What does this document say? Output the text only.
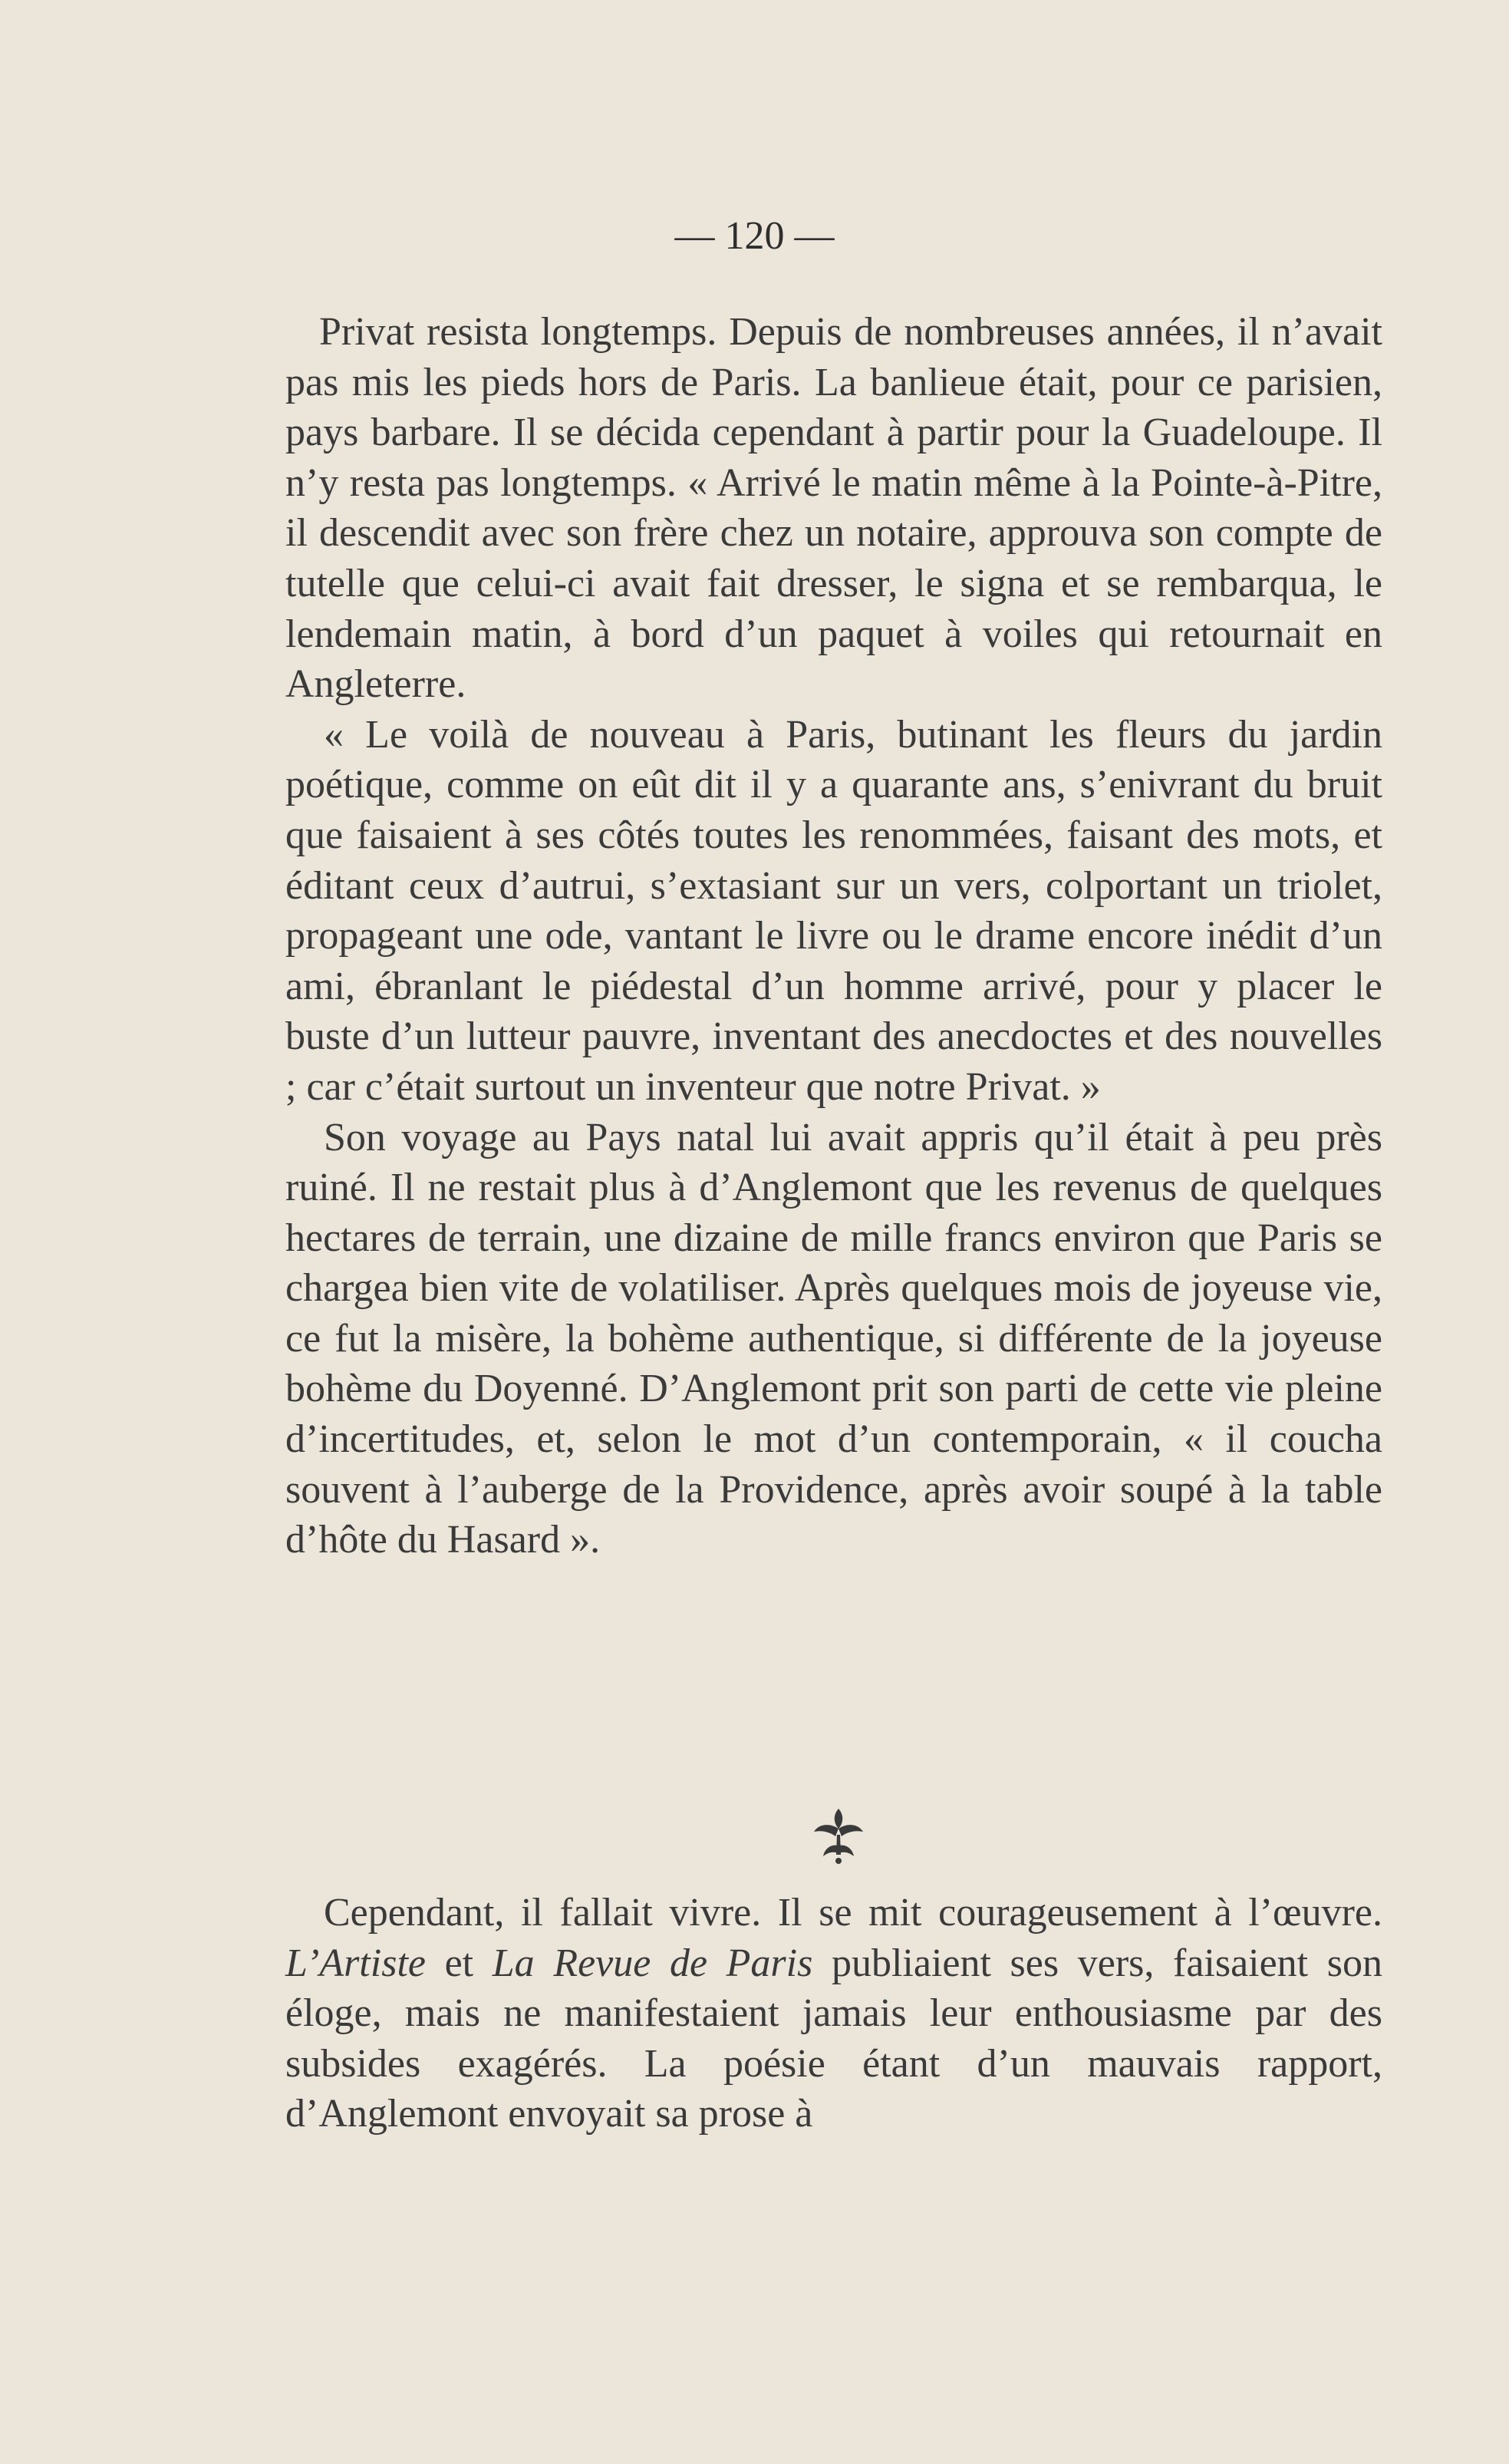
— 120 —

Privat resista longtemps. Depuis de nombreuses années, il n’avait pas mis les pieds hors de Paris. La banlieue était, pour ce parisien, pays barbare. Il se décida cependant à partir pour la Guadeloupe. Il n’y resta pas longtemps. « Arrivé le matin même à la Pointe-à-Pitre, il descendit avec son frère chez un notaire, approuva son compte de tutelle que celui-ci avait fait dresser, le signa et se rembarqua, le lendemain matin, à bord d’un paquet à voiles qui retournait en Angleterre.

« Le voilà de nouveau à Paris, butinant les fleurs du jardin poétique, comme on eût dit il y a quarante ans, s’enivrant du bruit que faisaient à ses côtés toutes les renommées, faisant des mots, et éditant ceux d’autrui, s’extasiant sur un vers, colportant un triolet, propageant une ode, vantant le livre ou le drame encore inédit d’un ami, ébranlant le piédestal d’un homme arrivé, pour y placer le buste d’un lutteur pauvre, inventant des anecdoctes et des nouvelles ; car c’était surtout un inventeur que notre Privat. »

Son voyage au Pays natal lui avait appris qu’il était à peu près ruiné. Il ne restait plus à d’Anglemont que les revenus de quelques hectares de terrain, une dizaine de mille francs environ que Paris se chargea bien vite de volatiliser. Après quelques mois de joyeuse vie, ce fut la misère, la bohème authentique, si différente de la joyeuse bohème du Doyenné. D’Anglemont prit son parti de cette vie pleine d’incertitudes, et, selon le mot d’un contemporain, « il coucha souvent à l’auberge de la Providence, après avoir soupé à la table d’hôte du Hasard ».

Cependant, il fallait vivre. Il se mit courageusement à l’œuvre. L’Artiste et La Revue de Paris publiaient ses vers, faisaient son éloge, mais ne manifestaient jamais leur enthousiasme par des subsides exagérés. La poésie étant d’un mauvais rapport, d’Anglemont envoyait sa prose à
